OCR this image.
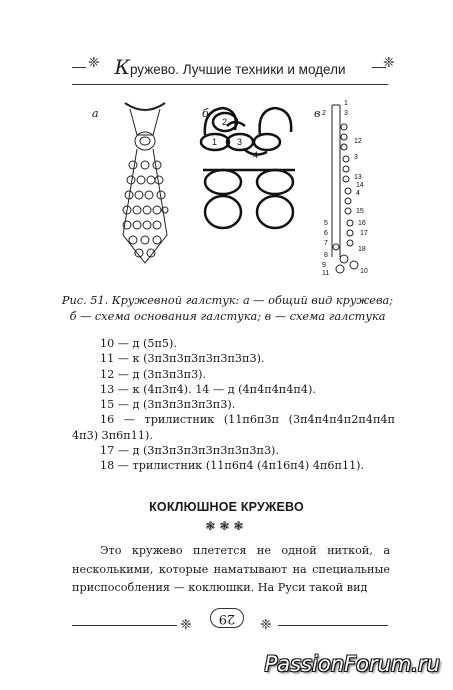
❈ Кружево. Лучшие техники и модели	❈
а	б	в
1
2
3
4
1
2	3
12
3
13
14
4
15
5	16
6	17
7
18
8
9
11	10
Рис. 51. Кружевной галстук: а — общий вид кружева;
б — схема основания галстука; в — схема галстука
10 — д (5п5).
11 — к (3п3п3п3п3п3п3п3).
12 — д (3п3п3п3).
13 — к (4п3п4). 14 — д (4п4п4п4п4).
15 — д (3п3п3п3п3п3).
16 — трилистник (11п6п3п (3п4п4п4п2п4п4п
4п3) 3п6п11).
17 — д (3п3п3п3п3п3п3п3п3).
18 — трилистник (11п6п4 (4п16п4) 4п6п11).
КОКЛЮШНОЕ КРУЖЕВО
❃❃❃

Это кружево плетется не одной ниткой, а несколькими, которые наматывают на специальные приспособления — коклюшки. На Руси такой вид

❈	29	❈
PassionForum.ru
